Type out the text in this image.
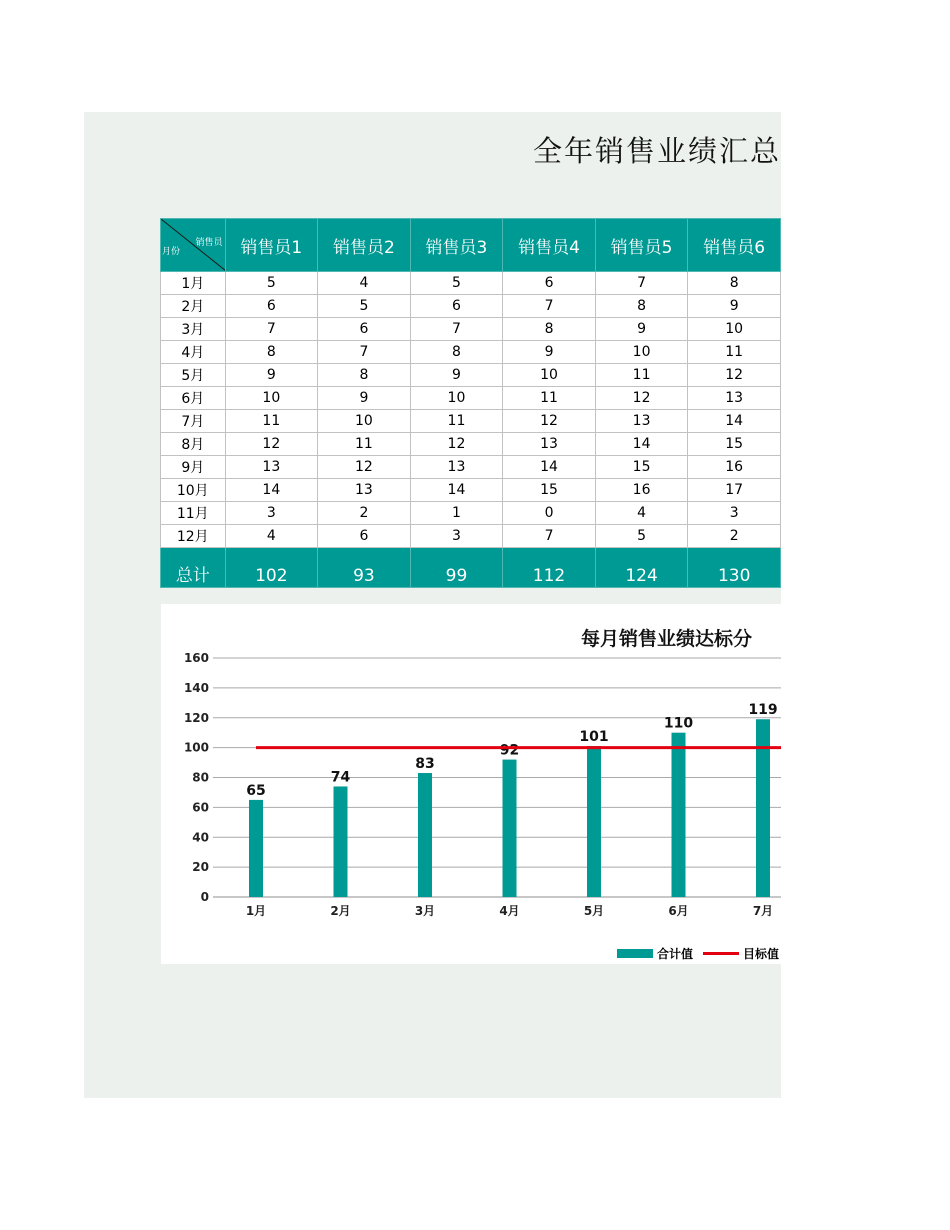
全年销售业绩汇总
销售员
月份	销售员1	销售员2	销售员3	销售员4	销售员5	销售员6
1月	5	4	5	6	7	8
2月	6	5	6	7	8	9
3月	7	6	7	8	9	10
4月	8	7	8	9	10	11
5月	9	8	9	10	11	12
6月	10	9	10	11	12	13
7月	11	10	11	12	13	14
8月	12	11	12	13	14	15
9月	13	12	13	14	15	16
10月	14	13	14	15	16	17
11月	3	2	1	0	4	3
12月	4	6	3	7	5	2
总计	102	93	99	112	124	130
0
20
40
60
80
100
120
140
160
65
74
83
92
101
110
119
1月	2月	3月	4月	5月	6月	7月
每月销售业绩达标分
合计值	目标值
